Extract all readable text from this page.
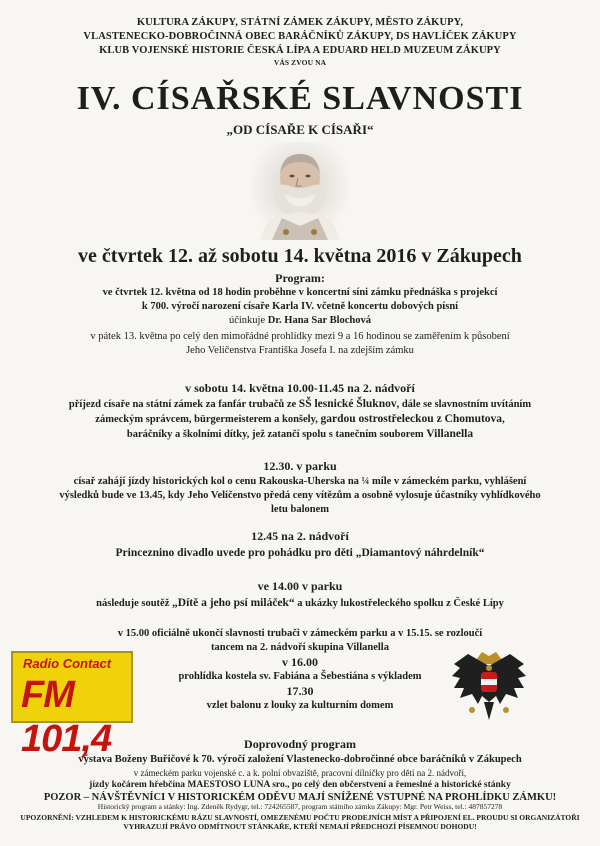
KULTURA ZÁKUPY, STÁTNÍ ZÁMEK ZÁKUPY, MĚSTO ZÁKUPY,
VLASTENECKO-DOBROČINNÁ OBEC BARÁČNÍKŮ ZÁKUPY, DS HAVLÍČEK ZÁKUPY
KLUB VOJENSKÉ HISTORIE ČESKÁ LÍPA A EDUARD HELD MUZEUM ZÁKUPY
VÁS ZVOU NA
IV. CÍSAŘSKÉ SLAVNOSTI
„OD CÍSAŘE K CÍSAŘI“
ve čtvrtek 12. až sobotu 14. května 2016 v Zákupech
Program:
ve čtvrtek 12. května od 18 hodin proběhne v koncertní síni zámku přednáška s projekcí
k 700. výročí narození císaře Karla IV. včetně koncertu dobových písní
účinkuje Dr. Hana Sar Blochová
v pátek 13. května po celý den mimořádné prohlídky mezi 9 a 16 hodinou se zaměřením k působení
Jeho Veličenstva Františka Josefa I. na zdejším zámku
v sobotu 14. května 10.00-11.45 na 2. nádvoří
příjezd císaře na státní zámek za fanfár trubačů ze SŠ lesnické Šluknov, dále se slavnostním uvítáním
zámeckým správcem, bürgermeisterem a konšely, gardou ostrostřeleckou z Chomutova,
baráčníky a školními dítky, jež zatančí spolu s tanečním souborem Villanella
12.30. v parku
císař zahájí jízdy historických kol o cenu Rakouska-Uherska na ¼ míle v zámeckém parku, vyhlášení
výsledků bude ve 13.45, kdy Jeho Veličenstvo předá ceny vítězům a osobně vylosuje účastníky vyhlídkového
letu balonem
12.45 na 2. nádvoří
Princeznino divadlo uvede pro pohádku pro děti „Diamantový náhrdelník“
ve 14.00 v parku
následuje soutěž „Dítě a jeho psí miláček“ a ukázky lukostřeleckého spolku z České Lípy
v 15.00 oficiálně ukončí slavnosti trubači v zámeckém parku a v 15.15. se rozloučí
tancem na 2. nádvoří skupina Villanella
v 16.00
prohlídka kostela sv. Fabiána a Šebestiána s výkladem
17.30
vzlet balonu z louky za kulturním domem
Radio Contact
FM 101,4	Doprovodný program
výstava Boženy Buřičové k 70. výročí založení Vlastenecko-dobročinné obce baráčníků v Zákupech
v zámeckém parku vojenské c. a k. polní obvaziště, pracovní dílničky pro děti na 2. nádvoří,
jízdy kočárem hřebčína MAESTOSO LUNA sro., po celý den občerstvení a řemeslné a historické stánky
POZOR – NÁVŠTĚVNÍCI V HISTORICKÉM ODĚVU MAJÍ SNÍŽENÉ VSTUPNÉ NA PROHLÍDKU ZÁMKU!
Historický program a stánky: Ing. Zdeněk Rydygr, tel.: 724265587, program státního zámku Zákupy: Mgr. Petr Weiss, tel.: 487857278
UPOZORNĚNÍ: VZHLEDEM K HISTORICKÉMU RÁZU SLAVNOSTÍ, OMEZENÉMU POČTU PRODEJNÍCH MÍST A PŘIPOJENÍ EL. PROUDU SI ORGANIZÁTOŘI
VYHRAZUJÍ PRÁVO ODMÍTNOUT STÁNKAŘE, KTEŘÍ NEMAJÍ PŘEDCHOZÍ PÍSEMNOU DOHODU!
